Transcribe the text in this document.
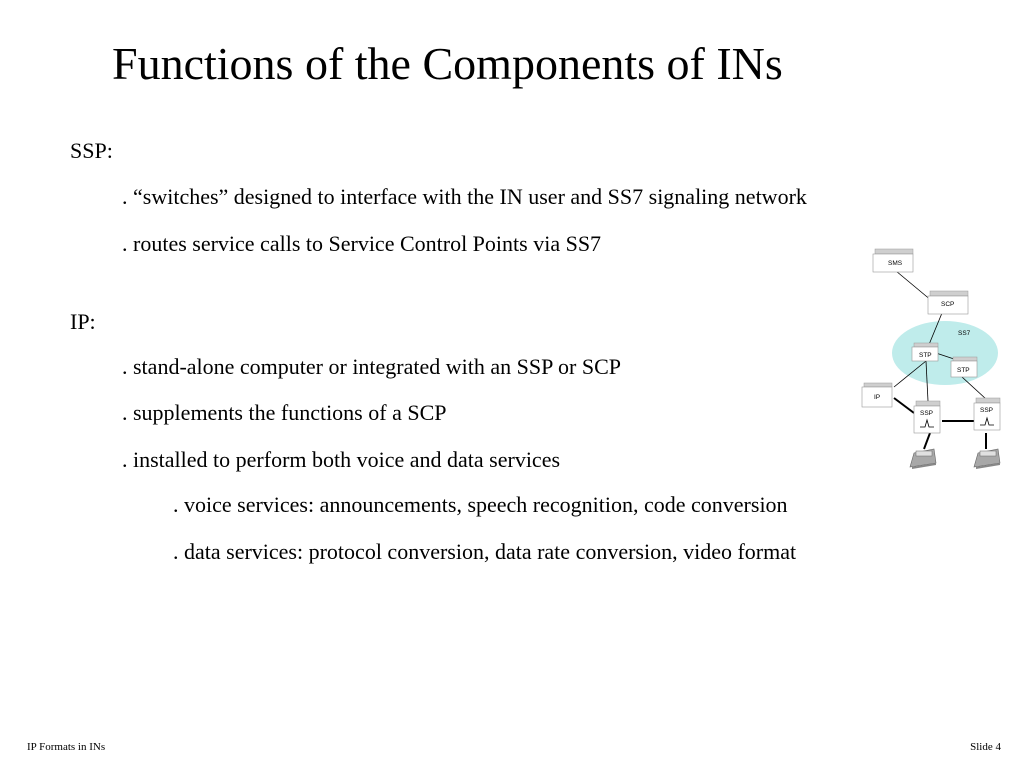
Functions of the Components of INs
SSP:
. “switches” designed to interface with the IN user and SS7 signaling network
. routes service calls to Service Control Points via SS7
IP:
. stand-alone computer or integrated with an SSP or SCP
. supplements the functions of a SCP
. installed to perform both voice and data services
. voice services: announcements, speech recognition, code conversion
. data services: protocol conversion, data rate conversion, video format
SS7
SMS
SCP
STP
STP
IP
SSP	SSP
IP Formats in INs	Slide 4
